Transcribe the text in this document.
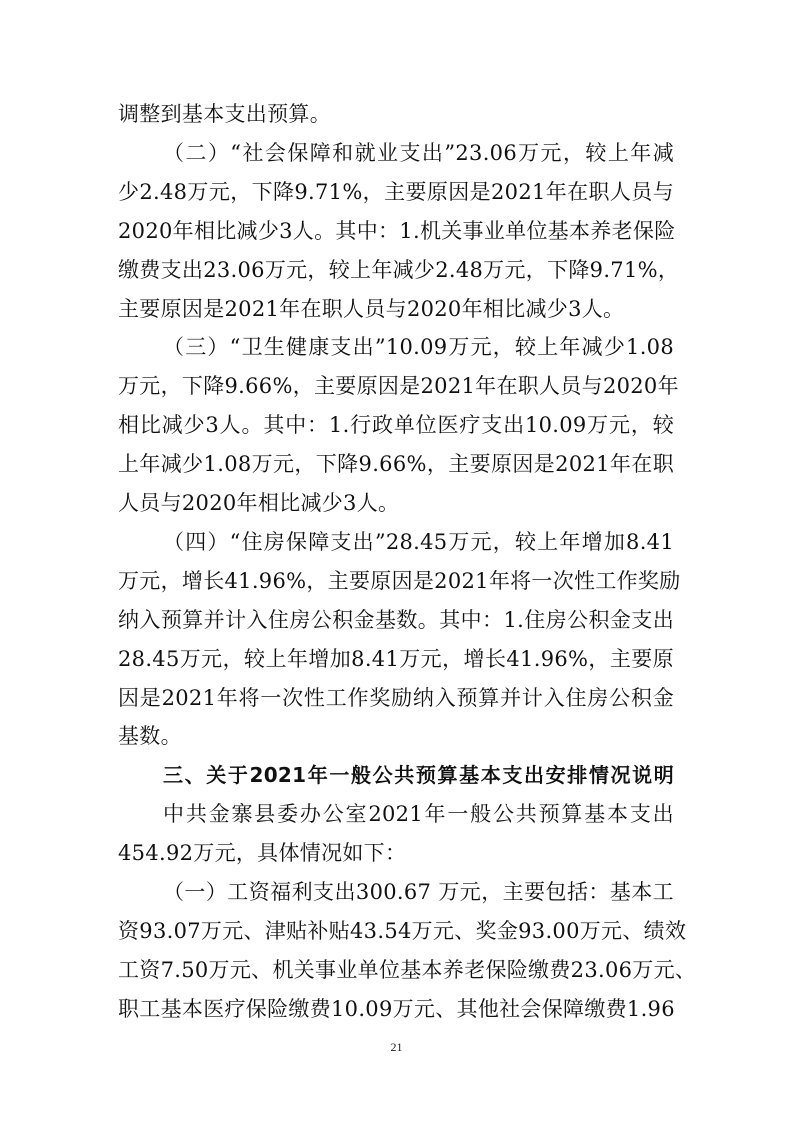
调整到基本支出预算。
（二）“社会保障和就业支出”23.06万元，较上年减
少2.48万元，下降9.71%，主要原因是2021年在职人员与
2020年相比减少3人。其中：1.机关事业单位基本养老保险
缴费支出23.06万元，较上年减少2.48万元，下降9.71%，
主要原因是2021年在职人员与2020年相比减少3人。
（三）“卫生健康支出”10.09万元，较上年减少1.08
万元，下降9.66%，主要原因是2021年在职人员与2020年
相比减少3人。其中：1.行政单位医疗支出10.09万元，较
上年减少1.08万元，下降9.66%，主要原因是2021年在职
人员与2020年相比减少3人。
（四）“住房保障支出”28.45万元，较上年增加8.41
万元，增长41.96%，主要原因是2021年将一次性工作奖励
纳入预算并计入住房公积金基数。其中：1.住房公积金支出
28.45万元，较上年增加8.41万元，增长41.96%，主要原
因是2021年将一次性工作奖励纳入预算并计入住房公积金
基数。
三、关于2021年一般公共预算基本支出安排情况说明
中共金寨县委办公室2021年一般公共预算基本支出
454.92万元，具体情况如下：
（一）工资福利支出300.67 万元，主要包括：基本工
资93.07万元、津贴补贴43.54万元、奖金93.00万元、绩效
21
工资7.50万元、机关事业单位基本养老保险缴费23.06万元、
职工基本医疗保险缴费10.09万元、其他社会保障缴费1.96
